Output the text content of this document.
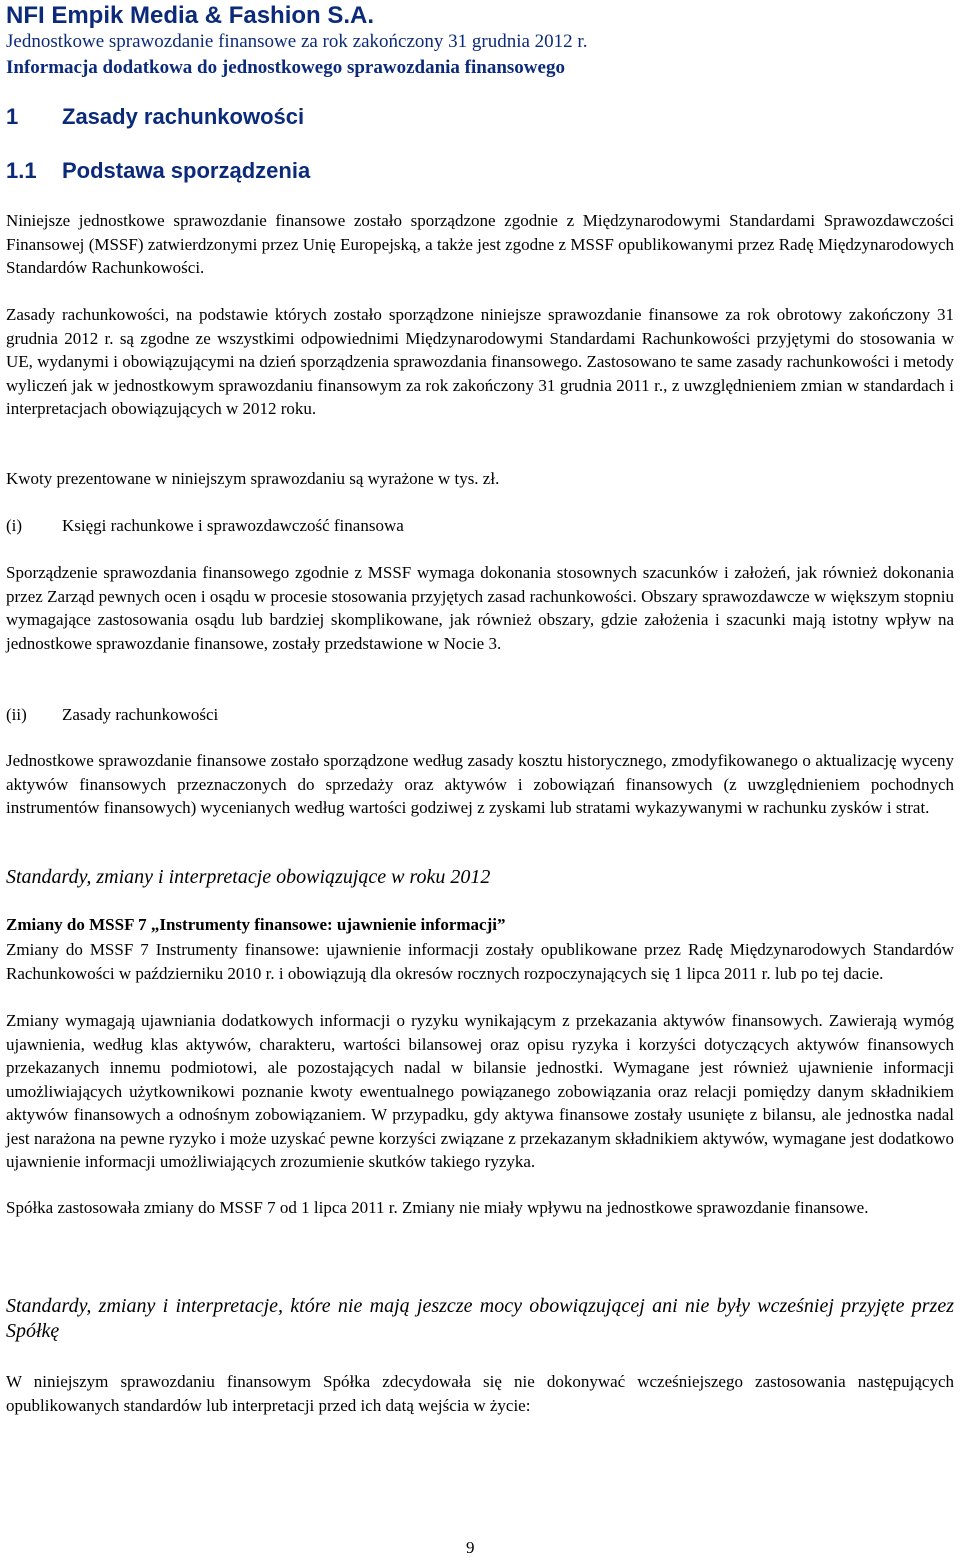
NFI Empik Media & Fashion S.A.
Jednostkowe sprawozdanie finansowe za rok zakończony 31 grudnia 2012 r.
Informacja dodatkowa do jednostkowego sprawozdania finansowego
1 Zasady rachunkowości
1.1 Podstawa sporządzenia

Niniejsze jednostkowe sprawozdanie finansowe zostało sporządzone zgodnie z Międzynarodowymi Standardami Sprawozdawczości Finansowej (MSSF) zatwierdzonymi przez Unię Europejską, a także jest zgodne z MSSF opublikowanymi przez Radę Międzynarodowych Standardów Rachunkowości.

Zasady rachunkowości, na podstawie których zostało sporządzone niniejsze sprawozdanie finansowe za rok obrotowy zakończony 31 grudnia 2012 r. są zgodne ze wszystkimi odpowiednimi Międzynarodowymi Standardami Rachunkowości przyjętymi do stosowania w UE, wydanymi i obowiązującymi na dzień sporządzenia sprawozdania finansowego. Zastosowano te same zasady rachunkowości i metody wyliczeń jak w jednostkowym sprawozdaniu finansowym za rok zakończony 31 grudnia 2011 r., z uwzględnieniem zmian w standardach i interpretacjach obowiązujących w 2012 roku.

Kwoty prezentowane w niniejszym sprawozdaniu są wyrażone w tys. zł.

(i) Księgi rachunkowe i sprawozdawczość finansowa

Sporządzenie sprawozdania finansowego zgodnie z MSSF wymaga dokonania stosownych szacunków i założeń, jak również dokonania przez Zarząd pewnych ocen i osądu w procesie stosowania przyjętych zasad rachunkowości. Obszary sprawozdawcze w większym stopniu wymagające zastosowania osądu lub bardziej skomplikowane, jak również obszary, gdzie założenia i szacunki mają istotny wpływ na jednostkowe sprawozdanie finansowe, zostały przedstawione w Nocie 3.

(ii) Zasady rachunkowości

Jednostkowe sprawozdanie finansowe zostało sporządzone według zasady kosztu historycznego, zmodyfikowanego o aktualizację wyceny aktywów finansowych przeznaczonych do sprzedaży oraz aktywów i zobowiązań finansowych (z uwzględnieniem pochodnych instrumentów finansowych) wycenianych według wartości godziwej z zyskami lub stratami wykazywanymi w rachunku zysków i strat.

Standardy, zmiany i interpretacje obowiązujące w roku 2012
Zmiany do MSSF 7 „Instrumenty finansowe: ujawnienie informacji”

Zmiany do MSSF 7 Instrumenty finansowe: ujawnienie informacji zostały opublikowane przez Radę Międzynarodowych Standardów Rachunkowości w październiku 2010 r. i obowiązują dla okresów rocznych rozpoczynających się 1 lipca 2011 r. lub po tej dacie.

Zmiany wymagają ujawniania dodatkowych informacji o ryzyku wynikającym z przekazania aktywów finansowych. Zawierają wymóg ujawnienia, według klas aktywów, charakteru, wartości bilansowej oraz opisu ryzyka i korzyści dotyczących aktywów finansowych przekazanych innemu podmiotowi, ale pozostających nadal w bilansie jednostki. Wymagane jest również ujawnienie informacji umożliwiających użytkownikowi poznanie kwoty ewentualnego powiązanego zobowiązania oraz relacji pomiędzy danym składnikiem aktywów finansowych a odnośnym zobowiązaniem. W przypadku, gdy aktywa finansowe zostały usunięte z bilansu, ale jednostka nadal jest narażona na pewne ryzyko i może uzyskać pewne korzyści związane z przekazanym składnikiem aktywów, wymagane jest dodatkowo ujawnienie informacji umożliwiających zrozumienie skutków takiego ryzyka.

Spółka zastosowała zmiany do MSSF 7 od 1 lipca 2011 r. Zmiany nie miały wpływu na jednostkowe sprawozdanie finansowe.

Standardy, zmiany i interpretacje, które nie mają jeszcze mocy obowiązującej ani nie były wcześniej przyjęte przez Spółkę

W niniejszym sprawozdaniu finansowym Spółka zdecydowała się nie dokonywać wcześniejszego zastosowania następujących opublikowanych standardów lub interpretacji przed ich datą wejścia w życie:

9
